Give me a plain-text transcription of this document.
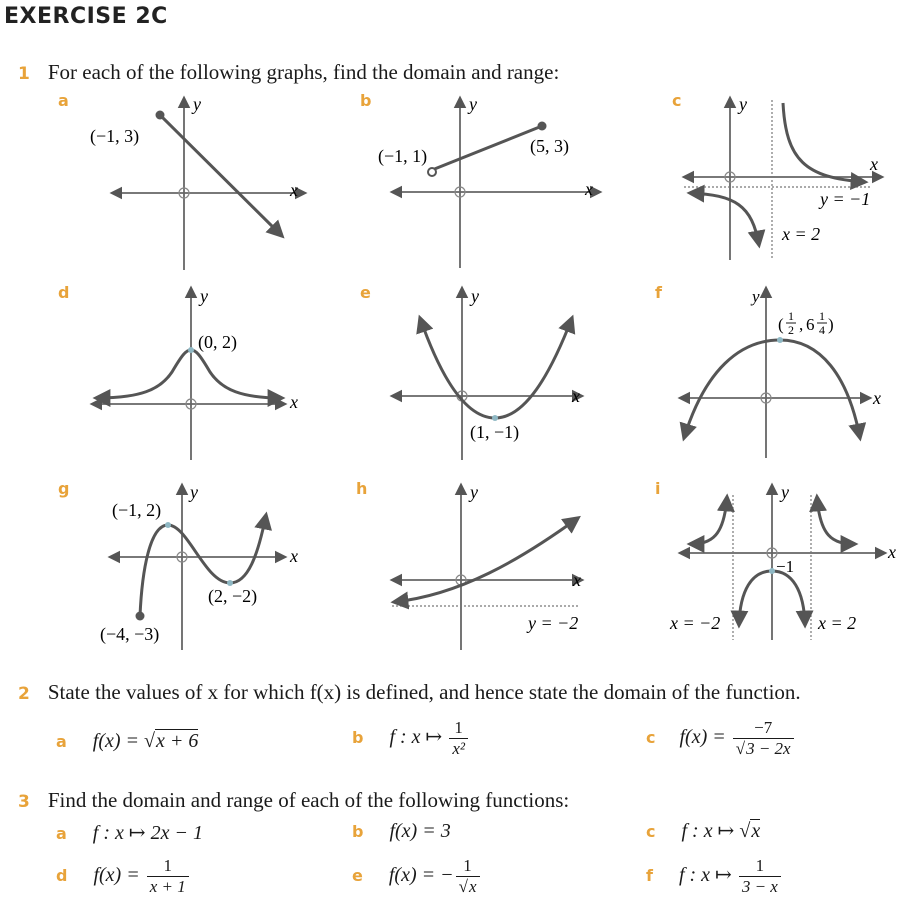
EXERCISE 2C
1 For each of the following graphs, find the domain and range:
a	y
x
(−1, 3)
b	y
x
(−1, 1)	(5, 3)
c	y
x
y = −1
x = 2
d	y
x
(0, 2)
e	y
x
(1, −1)
f	y
x
( 1
2 , 6 1
4 )
g	y
x
(−1, 2)
(2, −2)
(−4, −3)
h	y
x
y = −2
i	y
x
−1
x = −2	x = 2
2 State the values of x for which f(x) is defined, and hence state the domain of the function.
a f(x) = √x + 6	b f : x ↦ $\frac{1}{\text{x²}}$	c $f(x) = \frac{-7}{√3 - 2x}$
3 Find the domain and range of each of the following functions:
a f : x ↦ 2x − 1	b f(x) = 3	c f : x ↦ √x
d $f(x) = \frac{1}{x + 1}$	e f(x) = − $\frac{1}{√x}$	f f : x ↦ $\frac{1}{3 - x}$
